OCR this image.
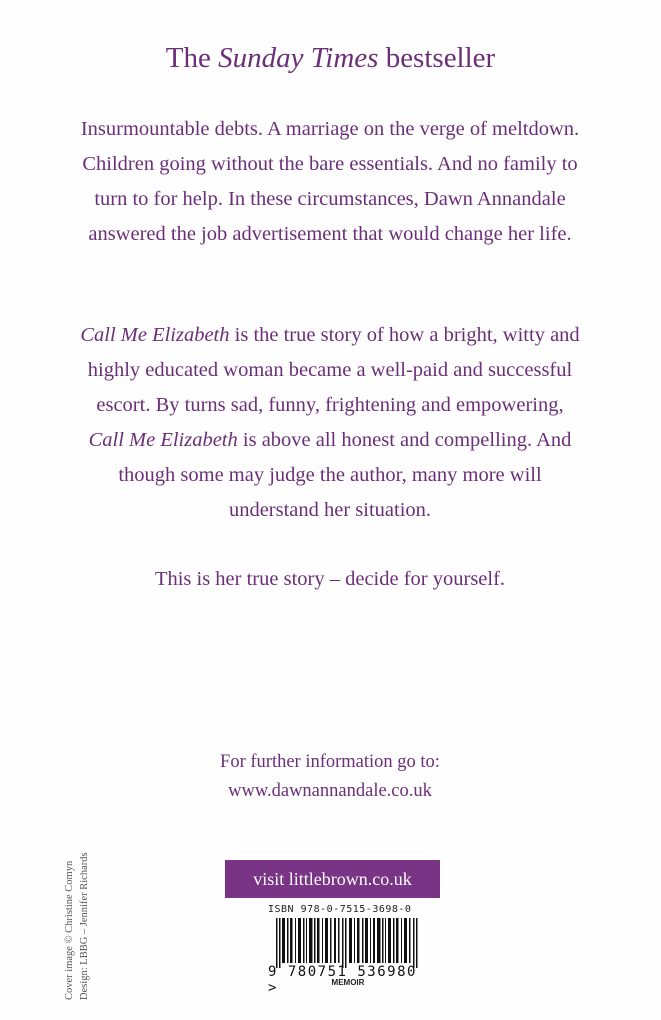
The Sunday Times bestseller

Insurmountable debts. A marriage on the verge of meltdown. Children going without the bare essentials. And no family to turn to for help. In these circumstances, Dawn Annandale answered the job advertisement that would change her life.

Call Me Elizabeth is the true story of how a bright, witty and highly educated woman became a well-paid and successful escort. By turns sad, funny, frightening and empowering, Call Me Elizabeth is above all honest and compelling. And though some may judge the author, many more will understand her situation.

This is her true story – decide for yourself.

For further information go to:
www.dawnannandale.co.uk
visit littlebrown.co.uk
ISBN 978-0-7515-3698-0
9 780751 536980 >	MEMOIR
Cover image © Christine Comyn Design: LBBG – Jennifer Richards
